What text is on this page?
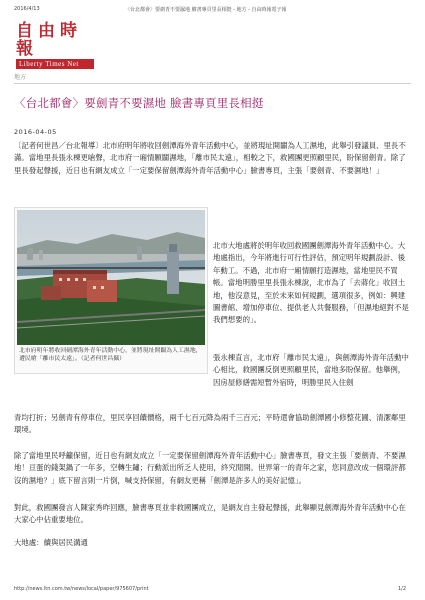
2016/4/13	〈台北都會〉要劍青不要濕地 臉書專頁里長相挺 - 地方 - 自由時報電子報
自由時報
Liberty Times Net
地方
〈台北都會〉要劍青不要濕地 臉書專頁里長相挺
2016-04-05
〔記者何世昌／台北報導〕北市府明年將收回劍潭海外青年活動中心，並將現址開闢為人工濕地，此舉引發議員、里長不滿。當地里長張永棟更嗆聲，北市府一廂情願闢濕地，「離市民太遠」，相較之下，救國團更照顧里民，盼保留劍青。除了里長發起聲援，近日也有網友成立「一定要保留劍潭海外青年活動中心」臉書專頁，主張「要劍青、不要濕地！」
北市府明年將收回劍潭海外青年活動中心，並將現址開闢為人工濕地，遭民嗆「離市民太遠」。（記者何世昌攝）
北市大地處將於明年收回救國團劍潭海外青年活動中心。大地處指出，今年將進行可行性評估，預定明年規劃設計、後年動工。不過，北市府一廂情願打造濕地，當地里民不買帳。當地明勝里里長張永棟說，北市為了「去蔣化」收回土地，他沒意見，至於未來如何規劃，選項很多，例如：興建圖書館、增加停車位、提供老人共餐服務，「但濕地絕對不是我們想要的」。
張永棟直言，北市府「離市民太遠」，與劍潭海外青年活動中心相比，救國團反倒更照顧里民，當地多盼保留。他舉例，因房屋修繕需短暫外宿時，明勝里民入住劍
青均打折；另劍青有停車位，里民享回饋價格，兩千七百元降為兩千三百元；平時還會協助劍潭國小修整花圃、清潔鄰里環境。
除了當地里民呼籲保留，近日也有網友成立「一定要保留劍潭海外青年活動中心」臉書專頁，發文主張「要劍青、不要濕地！亘蛋的錢架鍋了一年多，空轉生鏽；行動派出所乏人使用，終究閒開。世界第一的青年之家，您同意改成一個環評都沒的濕地？」底下留言則一片倒，喊支持保留，有網友更稱「劍潭是許多人的美好記憶」。
對此，救國團發言人陳家秀昨回應，臉書專頁並非救國團成立，是網友自主發起聲援，此舉顯見劍潭海外青年活動中心在大家心中佔重要地位。
大地處：續與居民溝通
http://news.ltn.com.tw/news/local/paper/975607/print	1/2
